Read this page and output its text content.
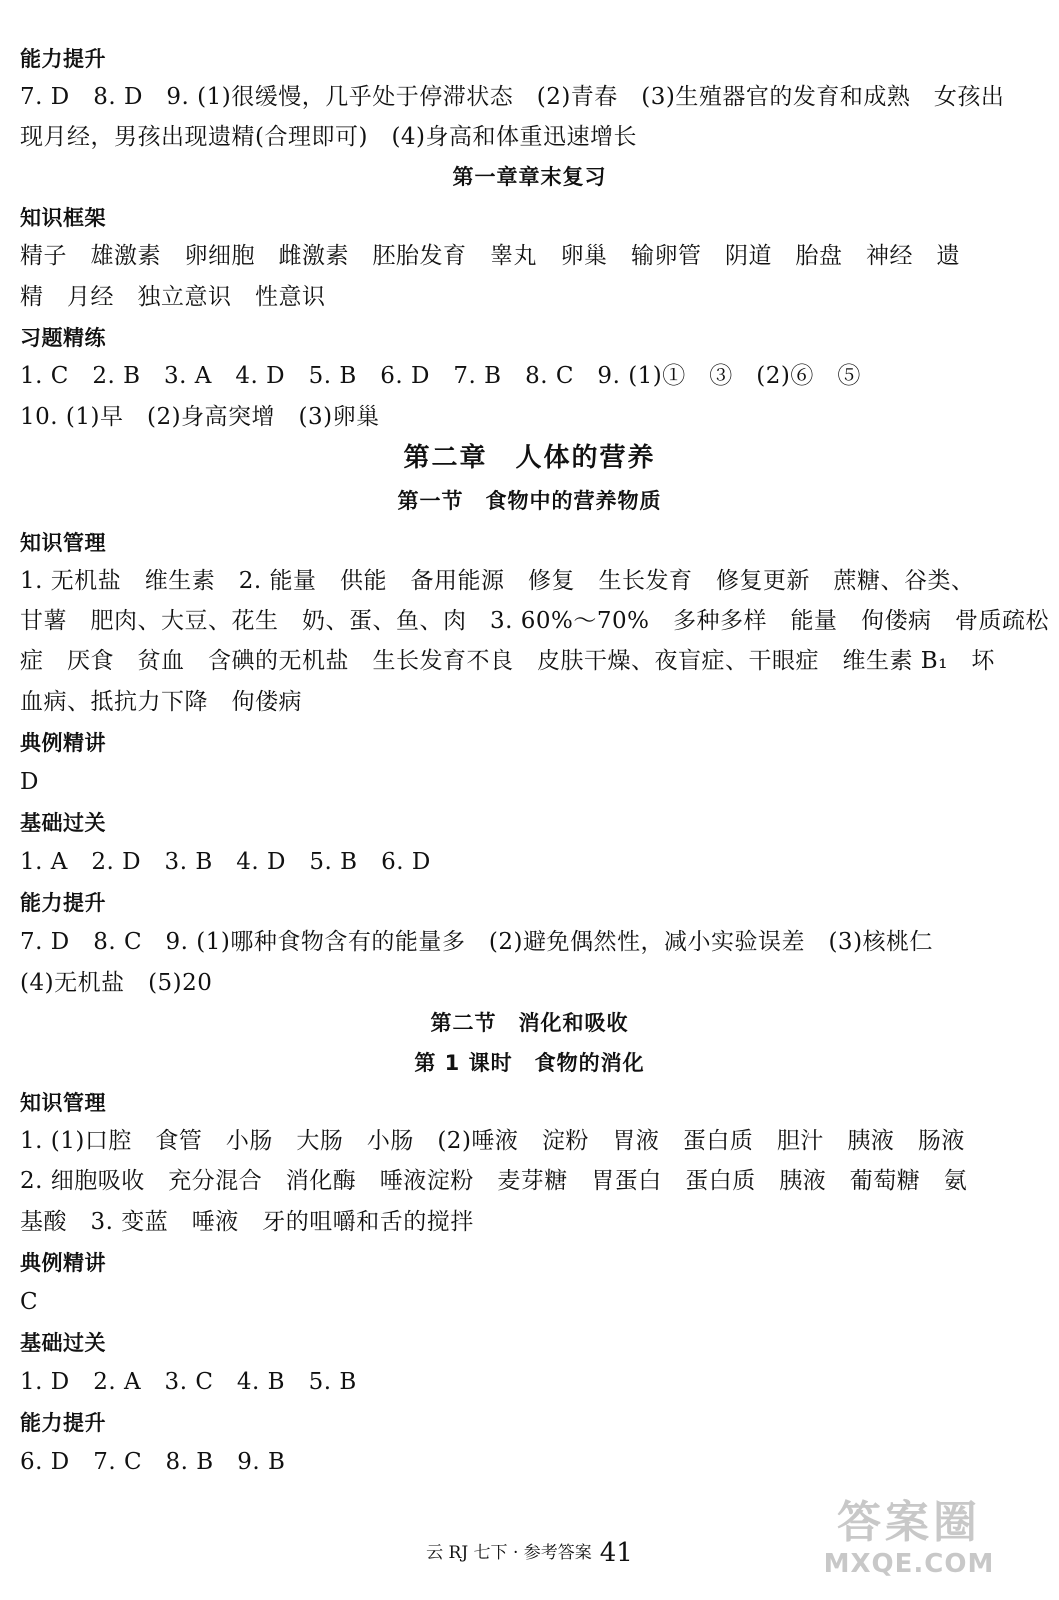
能力提升
7. D　8. D　9. (1)很缓慢，几乎处于停滞状态　(2)青春　(3)生殖器官的发育和成熟　女孩出
现月经，男孩出现遗精(合理即可)　(4)身高和体重迅速增长
第一章章末复习
知识框架
精子　雄激素　卵细胞　雌激素　胚胎发育　睾丸　卵巢　输卵管　阴道　胎盘　神经　遗
精　月经　独立意识　性意识
习题精练
1. C　2. B　3. A　4. D　5. B　6. D　7. B　8. C　9. (1)①　③　(2)⑥　⑤
10. (1)早　(2)身高突增　(3)卵巢
第二章　人体的营养
第一节　食物中的营养物质
知识管理
1. 无机盐　维生素　2. 能量　供能　备用能源　修复　生长发育　修复更新　蔗糖、谷类、
甘薯　肥肉、大豆、花生　奶、蛋、鱼、肉　3. 60%～70%　多种多样　能量　佝偻病　骨质疏松
症　厌食　贫血　含碘的无机盐　生长发育不良　皮肤干燥、夜盲症、干眼症　维生素 B₁　坏
血病、抵抗力下降　佝偻病
典例精讲
D
基础过关
1. A　2. D　3. B　4. D　5. B　6. D
能力提升
7. D　8. C　9. (1)哪种食物含有的能量多　(2)避免偶然性，减小实验误差　(3)核桃仁
(4)无机盐　(5)20
第二节　消化和吸收
第 1 课时　食物的消化
知识管理
1. (1)口腔　食管　小肠　大肠　小肠　(2)唾液　淀粉　胃液　蛋白质　胆汁　胰液　肠液
2. 细胞吸收　充分混合　消化酶　唾液淀粉　麦芽糖　胃蛋白　蛋白质　胰液　葡萄糖　氨
基酸　3. 变蓝　唾液　牙的咀嚼和舌的搅拌
典例精讲
C
基础过关
1. D　2. A　3. C　4. B　5. B
能力提升
6. D　7. C　8. B　9. B
云 RJ 七下 · 参考答案 41
答案圈
MXQE.COM
